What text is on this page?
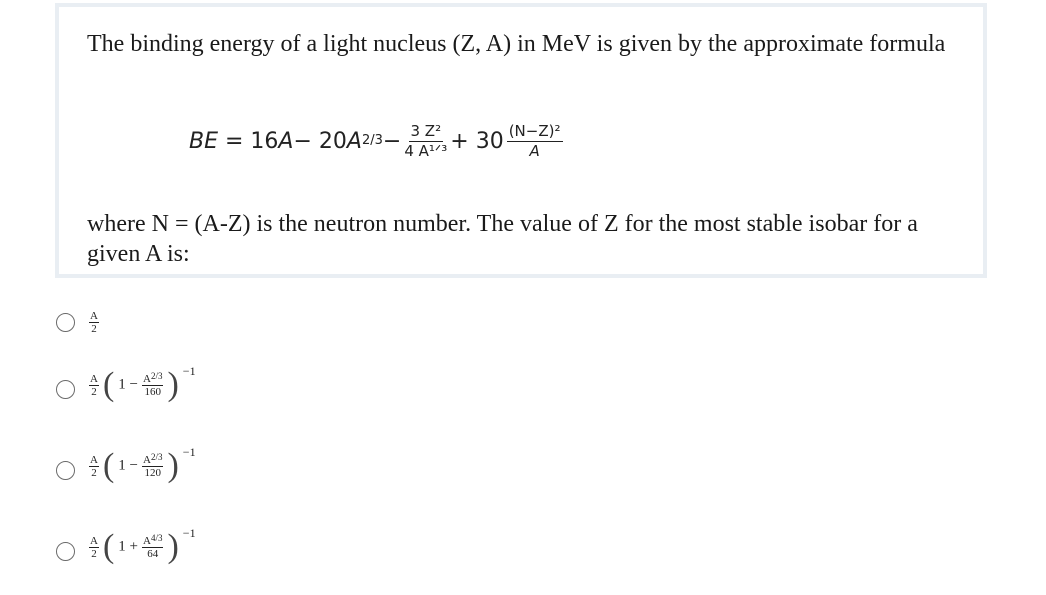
The binding energy of a light nucleus (Z, A) in MeV is given by the approximate formula
BE
= 16 A − 20 A $2/3 - \frac{\text{3 Z²}}{\text{4 A¹ᐟ³}} + 30 \frac{\text{(N−Z)²}}{A}$
where N = (A-Z) is the neutron number. The value of Z for the most stable isobar for a given A is:
$\frac{A}{2}$
$\frac{A}{2}$ ( $1 - \frac{A^{2/3}}{160}$ ) $^{-1}$
$\frac{A}{2}$ ( $1 - \frac{A^{2/3}}{120}$ ) $^{-1}$
$\frac{A}{2}$ ( $1 + \frac{A^{4/3}}{64}$ ) $^{-1}$
